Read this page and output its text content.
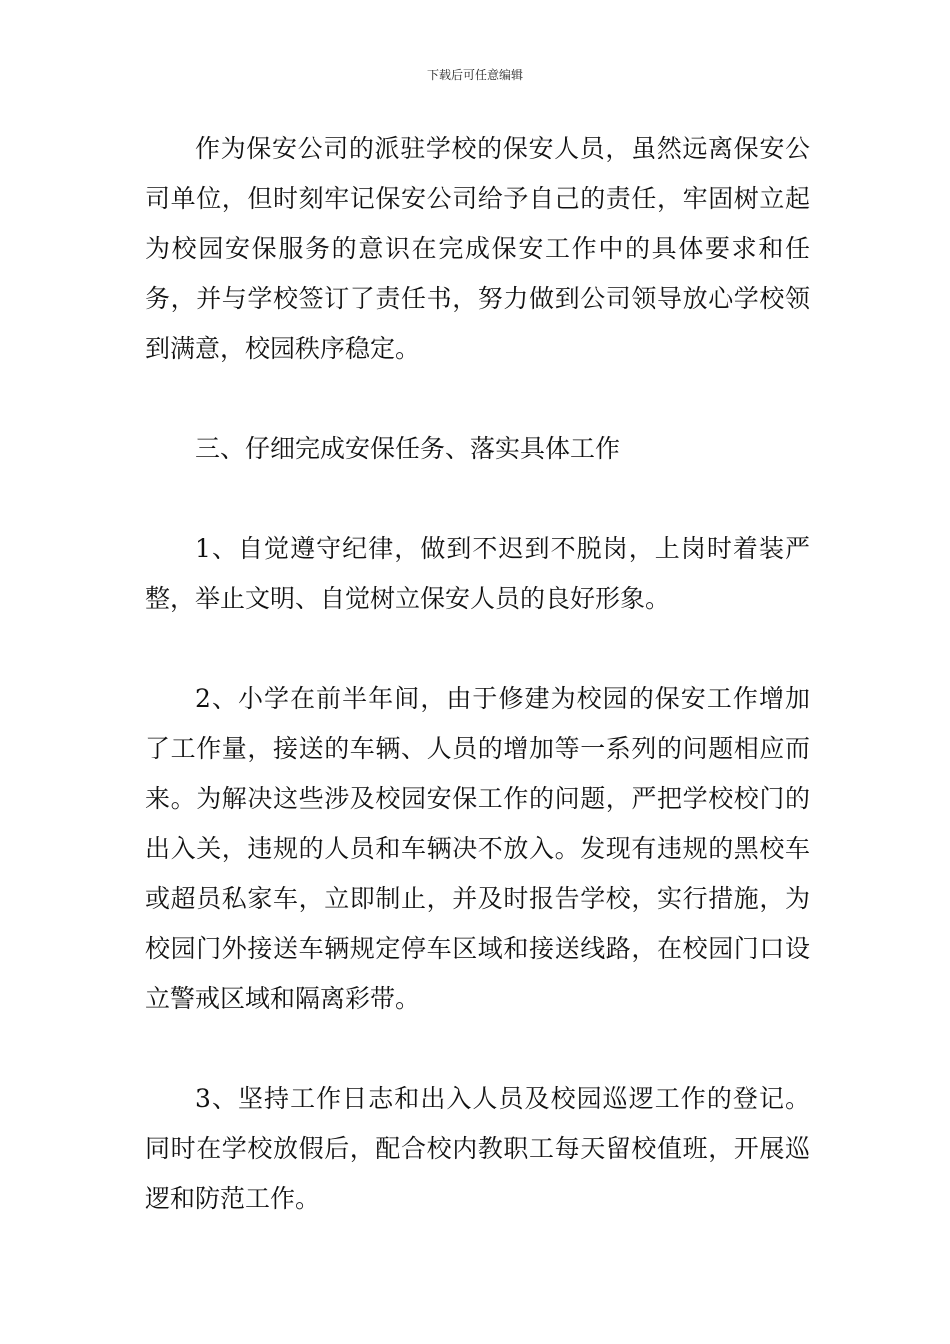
下载后可任意编辑

作为保安公司的派驻学校的保安人员，虽然远离保安公司单位，但时刻牢记保安公司给予自己的责任，牢固树立起为校园安保服务的意识在完成保安工作中的具体要求和任务，并与学校签订了责任书，努力做到公司领导放心学校领到满意，校园秩序稳定。

三、仔细完成安保任务、落实具体工作

1、自觉遵守纪律，做到不迟到不脱岗，上岗时着装严整，举止文明、自觉树立保安人员的良好形象。

2、小学在前半年间，由于修建为校园的保安工作增加了工作量，接送的车辆、人员的增加等一系列的问题相应而来。为解决这些涉及校园安保工作的问题，严把学校校门的出入关，违规的人员和车辆决不放入。发现有违规的黑校车或超员私家车，立即制止，并及时报告学校，实行措施，为校园门外接送车辆规定停车区域和接送线路，在校园门口设立警戒区域和隔离彩带。

3、坚持工作日志和出入人员及校园巡逻工作的登记。同时在学校放假后，配合校内教职工每天留校值班，开展巡逻和防范工作。
